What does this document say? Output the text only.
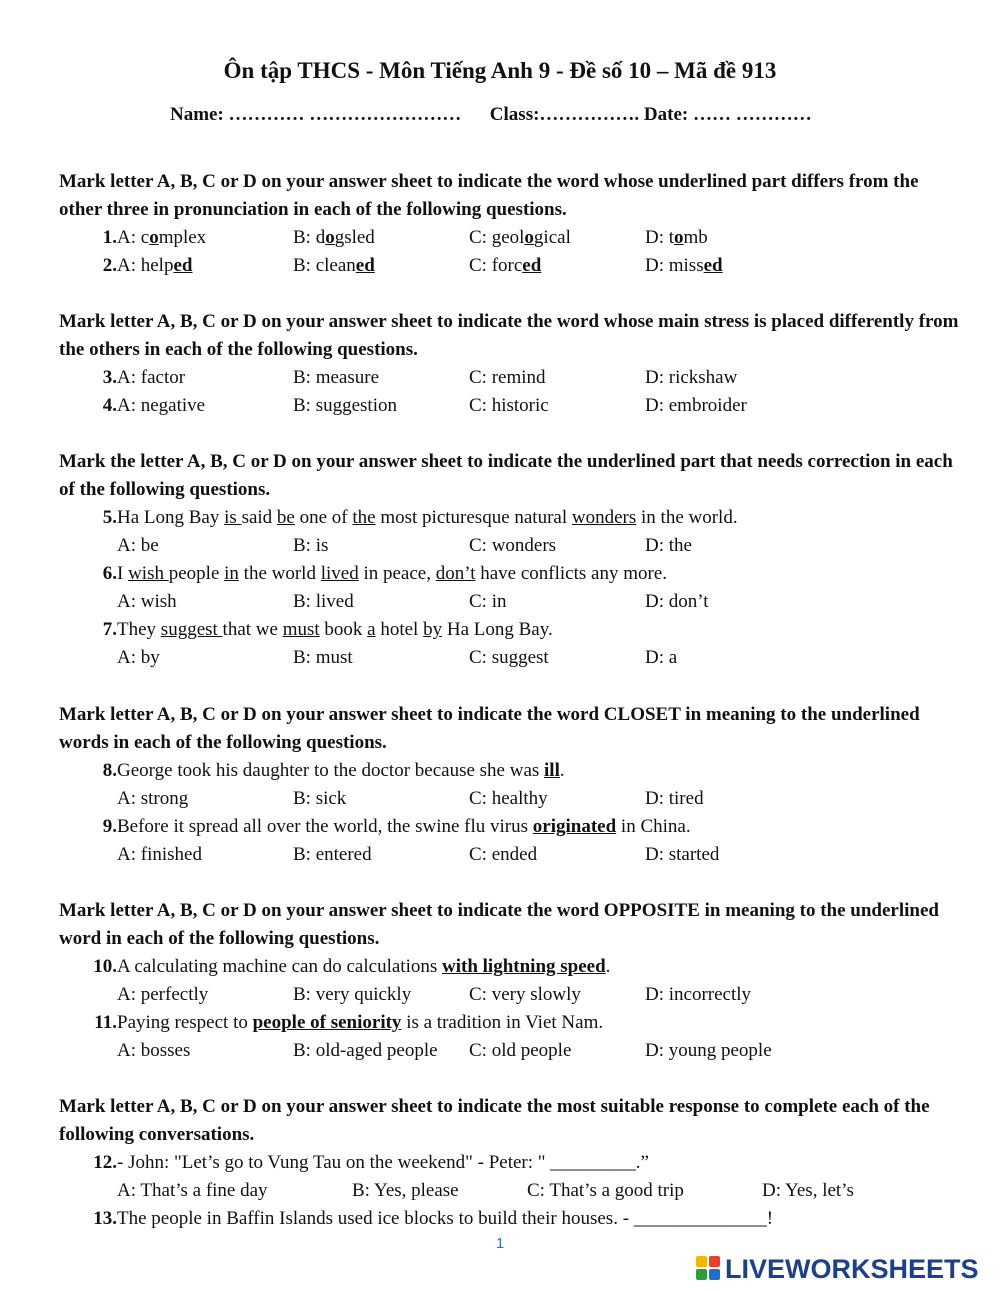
Ôn tập THCS - Môn Tiếng Anh 9 - Đề số 10 – Mã đề 913
Name: ………… ……………………      Class:……………. Date: …… …………
Mark letter A, B, C or D on your answer sheet to indicate the word whose underlined part differs from the other three in pronunciation in each of the following questions.
1. A: complex	B: dogsled	C: geological	D: tomb
2. A: helped	B: cleaned	C: forced	D: missed
Mark letter A, B, C or D on your answer sheet to indicate the word whose main stress is placed differently from the others in each of the following questions.
3. A: factor	B: measure	C: remind	D: rickshaw
4. A: negative	B: suggestion	C: historic	D: embroider
Mark the letter A, B, C or D on your answer sheet to indicate the underlined part that needs correction in each of the following questions.
5. Ha Long Bay is said be one of the most picturesque natural wonders in the world.
A: be	B: is	C: wonders	D: the
6. I wish people in the world lived in peace, don’t have conflicts any more.
A: wish	B: lived	C: in	D: don’t
7. They suggest that we must book a hotel by Ha Long Bay.
A: by	B: must	C: suggest	D: a
Mark letter A, B, C or D on your answer sheet to indicate the word CLOSET in meaning to the underlined words in each of the following questions.
8. George took his daughter to the doctor because she was ill.
A: strong	B: sick	C: healthy	D: tired
9. Before it spread all over the world, the swine flu virus originated in China.
A: finished	B: entered	C: ended	D: started
Mark letter A, B, C or D on your answer sheet to indicate the word OPPOSITE in meaning to the underlined word in each of the following questions.
10. A calculating machine can do calculations with lightning speed.
A: perfectly	B: very quickly	C: very slowly	D: incorrectly
11. Paying respect to people of seniority is a tradition in Viet Nam.
A: bosses	B: old-aged people C: old people	D: young people
Mark letter A, B, C or D on your answer sheet to indicate the most suitable response to complete each of the following conversations.
12. - John: "Let’s go to Vung Tau on the weekend" - Peter: " _________.”
A: That’s a fine day	B: Yes, please	C: That’s a good trip	D: Yes, let’s
13. The people in Baffin Islands used ice blocks to build their houses. - ______________!
1
LIVEWORKSHEETS
